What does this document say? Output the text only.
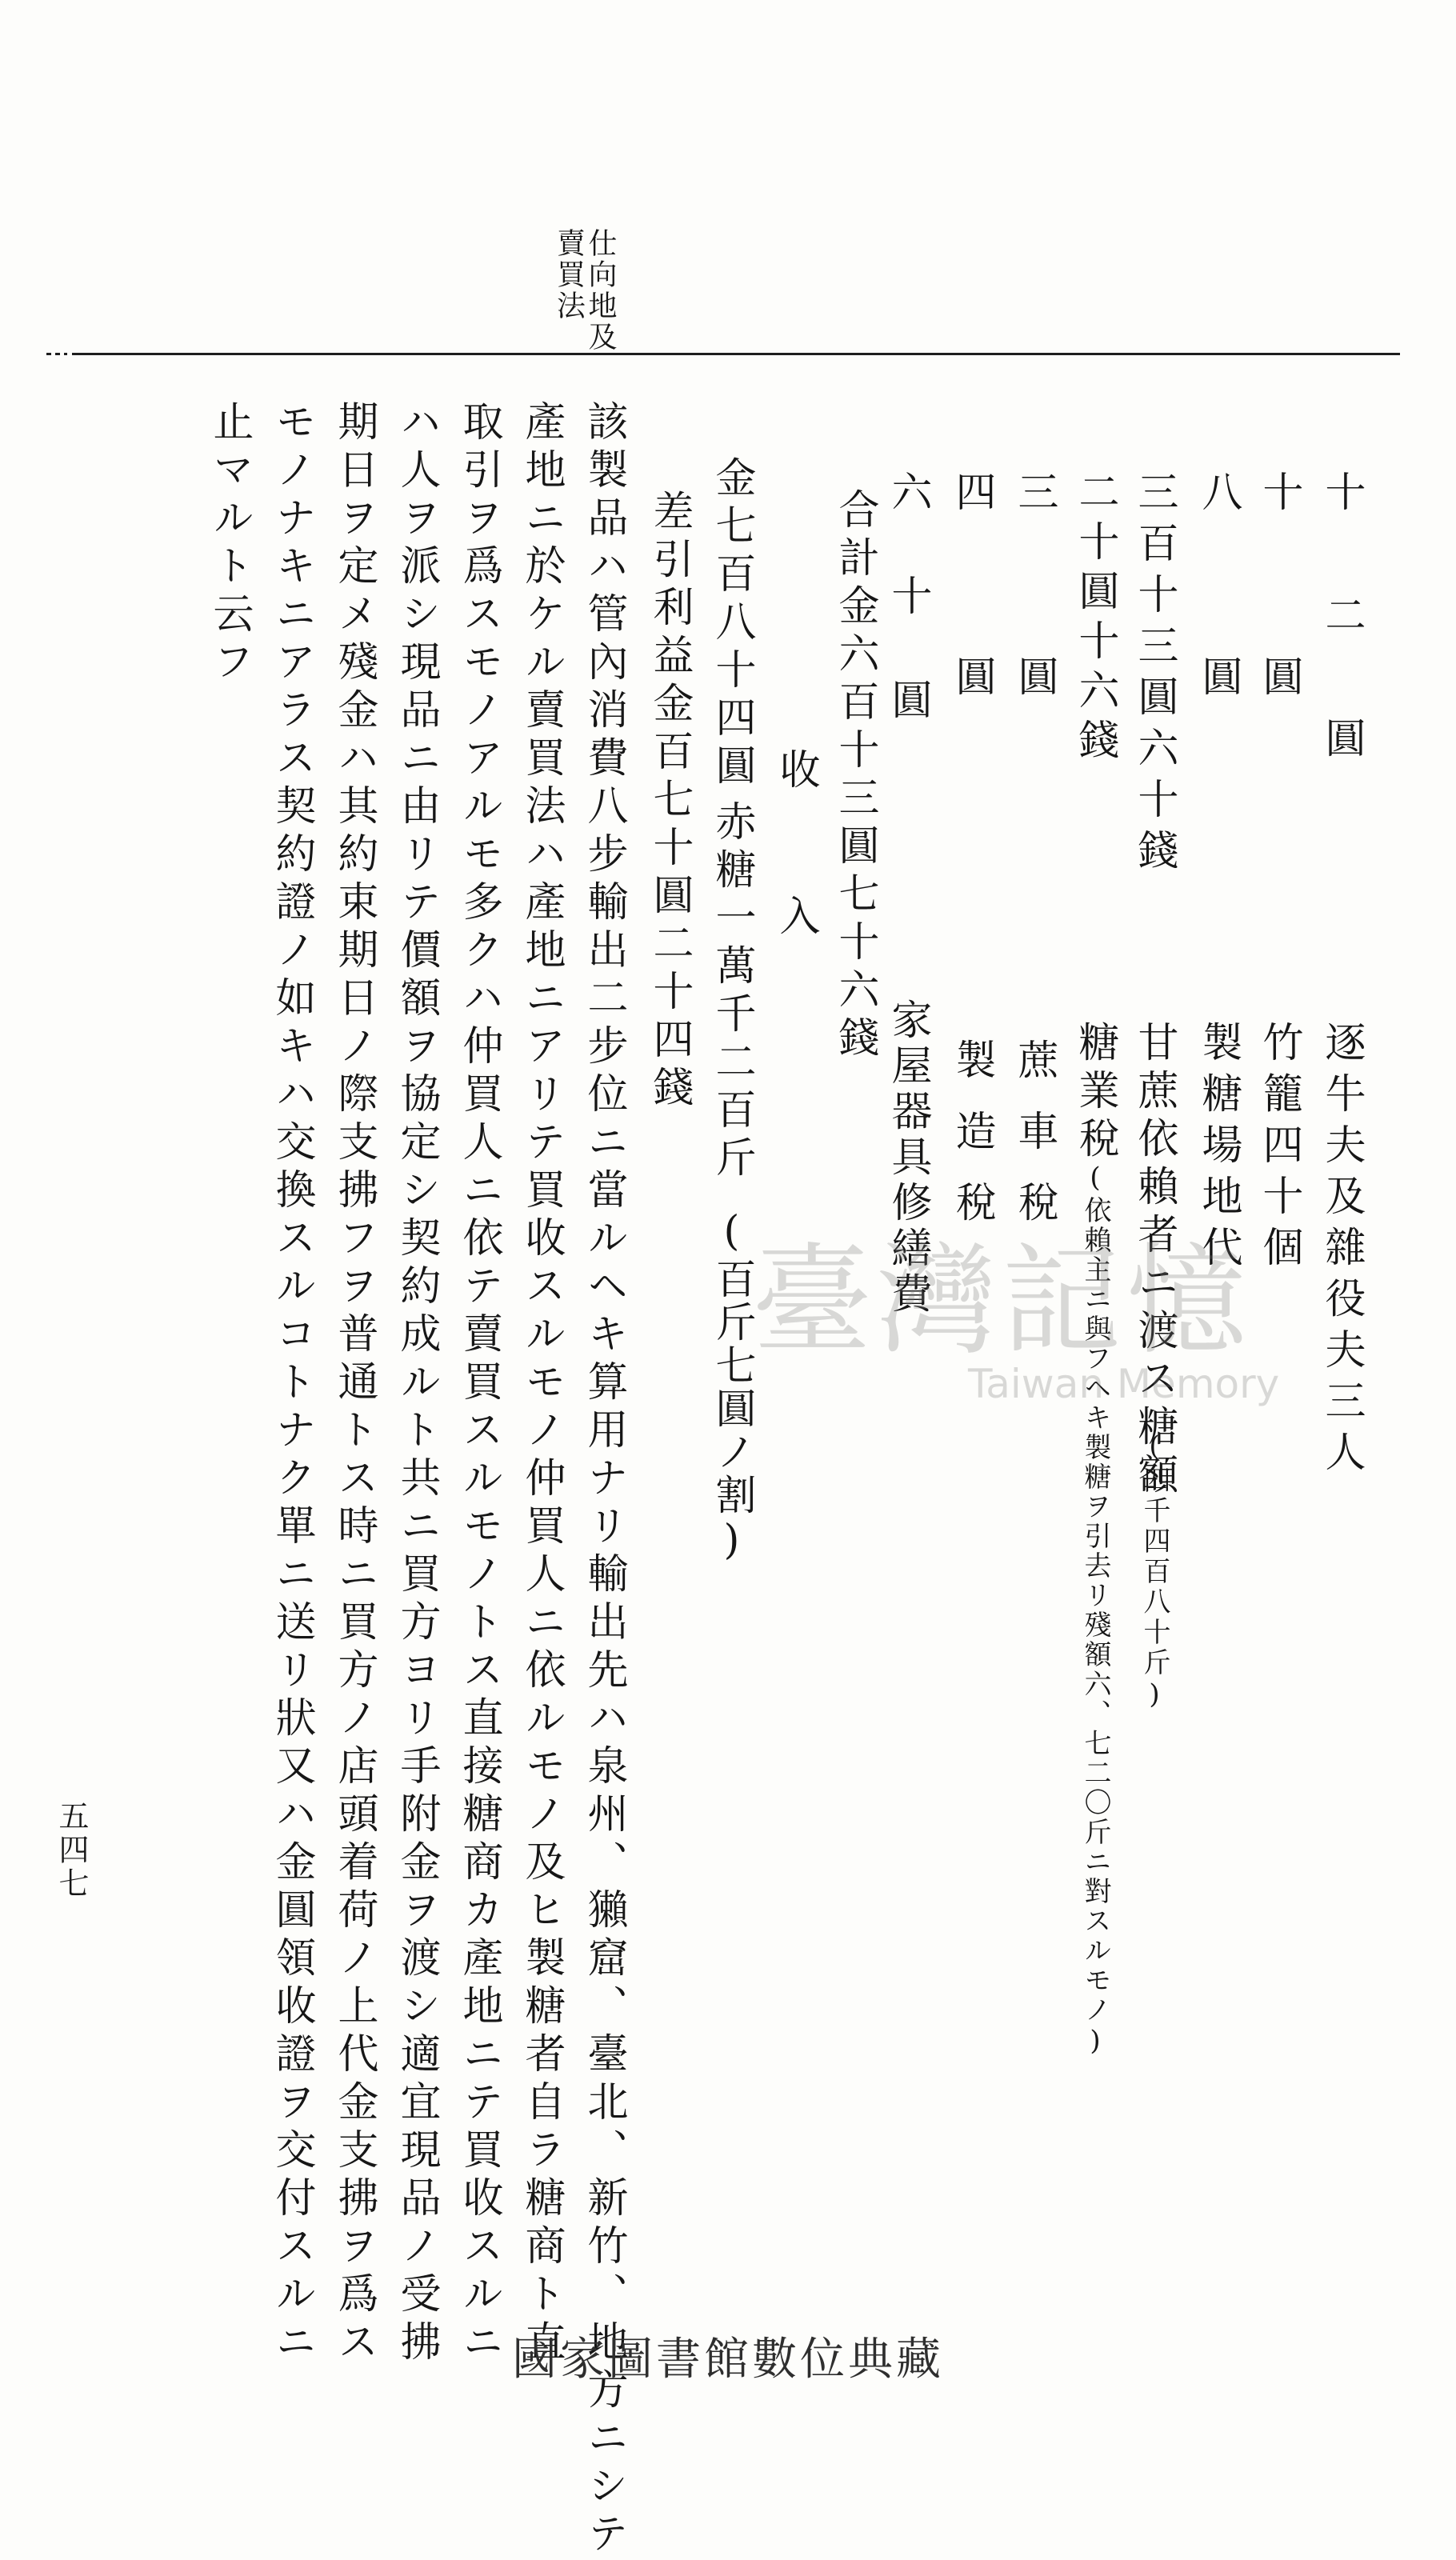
仕向地及
賣買法
十　二　圓
逐牛夫及雜役夫三人
十　　圓
竹籠四十個
八　　圓
製糖場地代
三百十三圓六十錢
甘蔗依賴者ニ渡ス糖額
(四千四百八十斤)
二十圓十六錢
糖業稅
(依賴主ニ與フヘキ製糖ヲ引去リ殘額六、七二〇斤ニ對スルモノ)
三　　圓
蔗車稅
四　　圓
製造稅
六　十　圓
家屋器具修繕費
合計金六百十三圓七十六錢
收　　入
金七百八十四圓
赤糖一萬千二百斤
(百斤七圓ノ割)
差引利益金百七十圓二十四錢
該製品ハ管內消費八步輸出二步位ニ當ルヘキ算用ナリ輸出先ハ泉州、獺窟、臺北、新竹、地方ニシテ
產地ニ於ケル賣買法ハ產地ニアリテ買收スルモノ仲買人ニ依ルモノ及ヒ製糖者自ラ糖商ト直
取引ヲ爲スモノアルモ多クハ仲買人ニ依テ賣買スルモノトス直接糖商カ產地ニテ買收スルニ
ハ人ヲ派シ現品ニ由リテ價額ヲ協定シ契約成ルト共ニ買方ヨリ手附金ヲ渡シ適宜現品ノ受拂
期日ヲ定メ殘金ハ其約束期日ノ際支拂フヲ普通トス時ニ買方ノ店頭着荷ノ上代金支拂ヲ爲ス
モノナキニアラス契約證ノ如キハ交換スルコトナク單ニ送リ狀又ハ金圓領收證ヲ交付スルニ
止マルト云フ
五四七
臺灣記憶
Taiwan Memory
國家圖書館數位典藏
